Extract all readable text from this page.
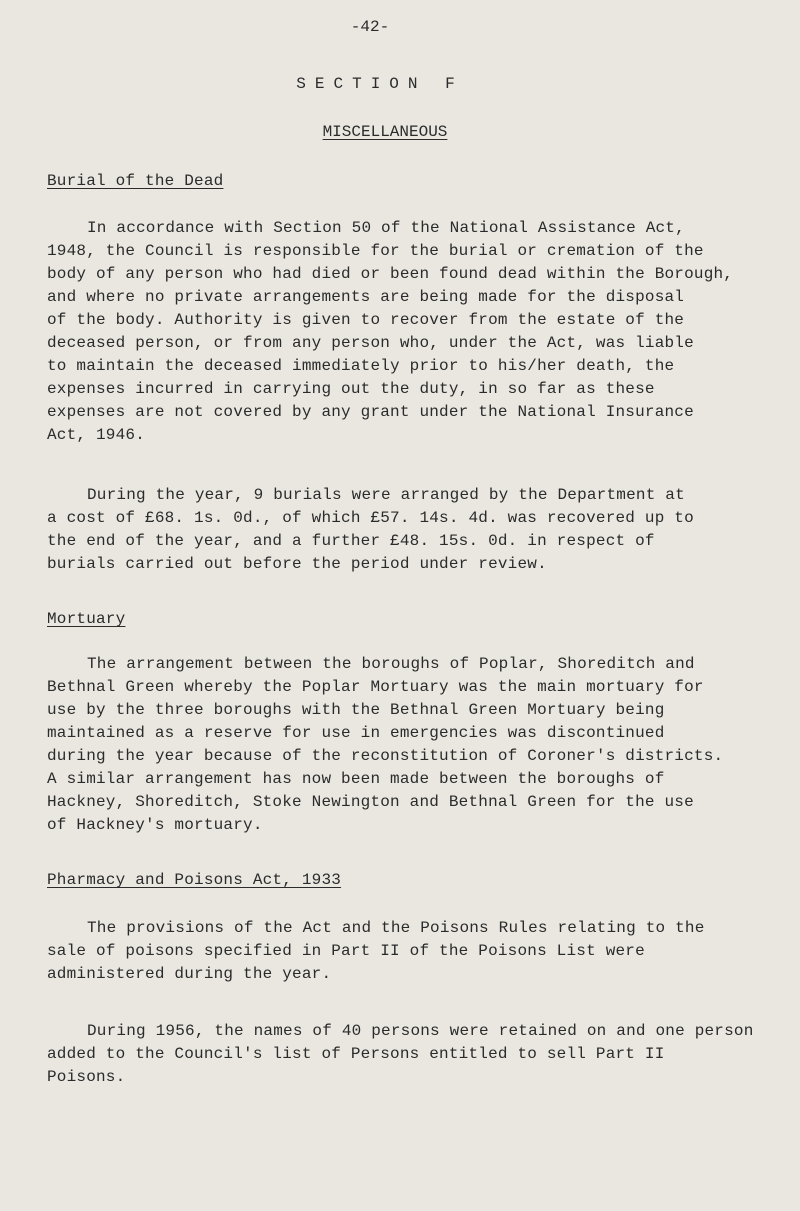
-42-
SECTION F
MISCELLANEOUS
Burial of the Dead
In accordance with Section 50 of the National Assistance Act,
1948, the Council is responsible for the burial or cremation of the
body of any person who had died or been found dead within the Borough,
and where no private arrangements are being made for the disposal
of the body. Authority is given to recover from the estate of the
deceased person, or from any person who, under the Act, was liable
to maintain the deceased immediately prior to his/her death, the
expenses incurred in carrying out the duty, in so far as these
expenses are not covered by any grant under the National Insurance
Act, 1946.
During the year, 9 burials were arranged by the Department at
a cost of £68. 1s. 0d., of which £57. 14s. 4d. was recovered up to
the end of the year, and a further £48. 15s. 0d. in respect of
burials carried out before the period under review.
Mortuary
The arrangement between the boroughs of Poplar, Shoreditch and
Bethnal Green whereby the Poplar Mortuary was the main mortuary for
use by the three boroughs with the Bethnal Green Mortuary being
maintained as a reserve for use in emergencies was discontinued
during the year because of the reconstitution of Coroner's districts.
A similar arrangement has now been made between the boroughs of
Hackney, Shoreditch, Stoke Newington and Bethnal Green for the use
of Hackney's mortuary.
Pharmacy and Poisons Act, 1933
The provisions of the Act and the Poisons Rules relating to the
sale of poisons specified in Part II of the Poisons List were
administered during the year.
During 1956, the names of 40 persons were retained on and one person
added to the Council's list of Persons entitled to sell Part II
Poisons.
